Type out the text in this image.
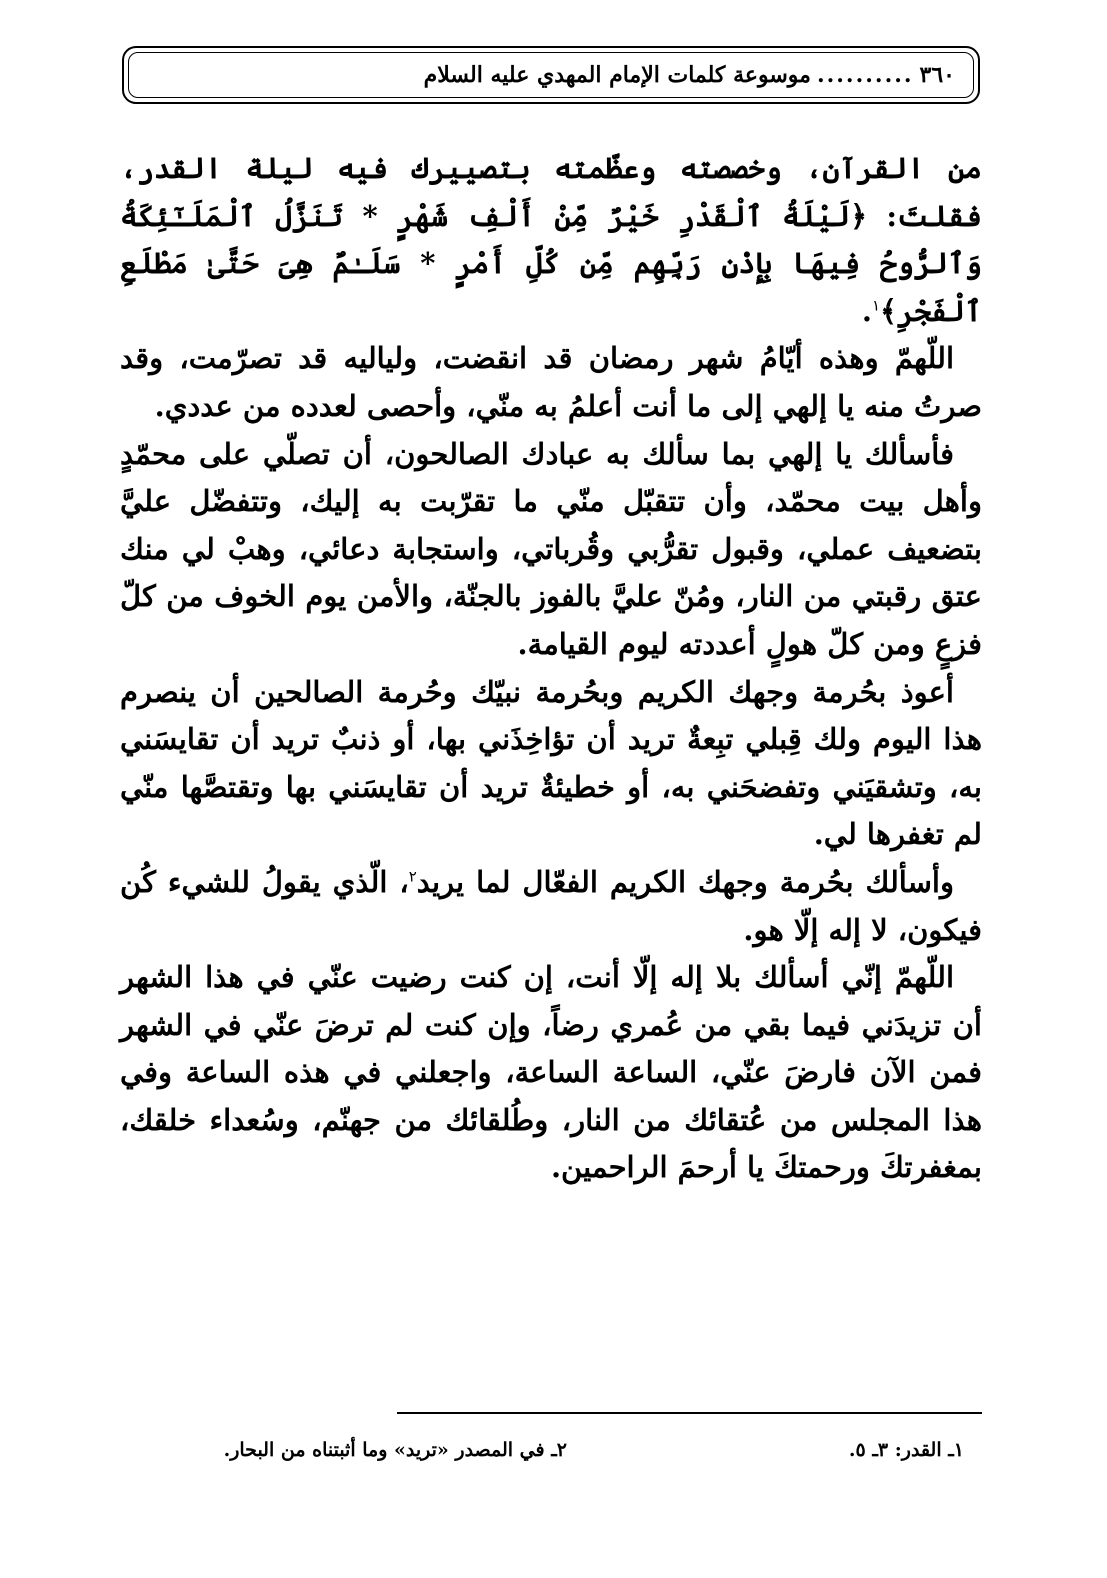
٣٦٠
..........
موسوعة كلمات الإمام المهدي عليه السلام

من القرآن، وخصصته وعظّمته بتصييرك فيه ليلة القدر، فقلتَ: ﴿لَيْلَةُ ٱلْقَدْرِ خَيْرٌ مِّنْ أَلْفِ شَهْرٍ * تَنَزَّلُ ٱلْمَلَـٰٓئِكَةُ وَٱلرُّوحُ فِيهَا بِإِذْنِ رَبِّهِم مِّن كُلِّ أَمْرٍ * سَلَـٰمٌ هِىَ حَتَّىٰ مَطْلَعِ ٱلْفَجْرِ﴾$^١$.

اللّهمّ وهذه أيّامُ شهر رمضان قد انقضت، ولياليه قد تصرّمت، وقد صرتُ منه يا إلهي إلى ما أنت أعلمُ به منّي، وأحصى لعدده من عددي.

فأسألك يا إلهي بما سألك به عبادك الصالحون، أن تصلّي على محمّدٍ وأهل بيت محمّد، وأن تتقبّل منّي ما تقرّبت به إليك، وتتفضّل عليَّ بتضعيف عملي، وقبول تقرُّبي وقُرباتي، واستجابة دعائي، وهبْ لي منك عتق رقبتي من النار، ومُنّ عليَّ بالفوز بالجنّة، والأمن يوم الخوف من كلّ فزعٍ ومن كلّ هولٍ أعددته ليوم القيامة.

أعوذ بحُرمة وجهك الكريم وبحُرمة نبيّك وحُرمة الصالحين أن ينصرم هذا اليوم ولك قِبلي تبِعةٌ تريد أن تؤاخِذَني بها، أو ذنبٌ تريد أن تقايسَني به، وتشقيَني وتفضحَني به، أو خطيئةٌ تريد أن تقايسَني بها وتقتصَّها منّي لم تغفرها لي.

وأسألك بحُرمة وجهك الكريم الفعّال لما يريد$^٢$، الّذي يقولُ للشيء كُن فيكون، لا إله إلّا هو.

اللّهمّ إنّي أسألك بلا إله إلّا أنت، إن كنت رضيت عنّي في هذا الشهر أن تزيدَني فيما بقي من عُمري رضاً، وإن كنت لم ترضَ عنّي في الشهر فمن الآن فارضَ عنّي، الساعة الساعة، واجعلني في هذه الساعة وفي هذا المجلس من عُتقائك من النار، وطُلقائك من جهنّم، وسُعداء خلقك، بمغفرتكَ ورحمتكَ يا أرحمَ الراحمين.

١ـ القدر: ٣ـ ٥.
٢ـ في المصدر «تريد» وما أثبتناه من البحار.
